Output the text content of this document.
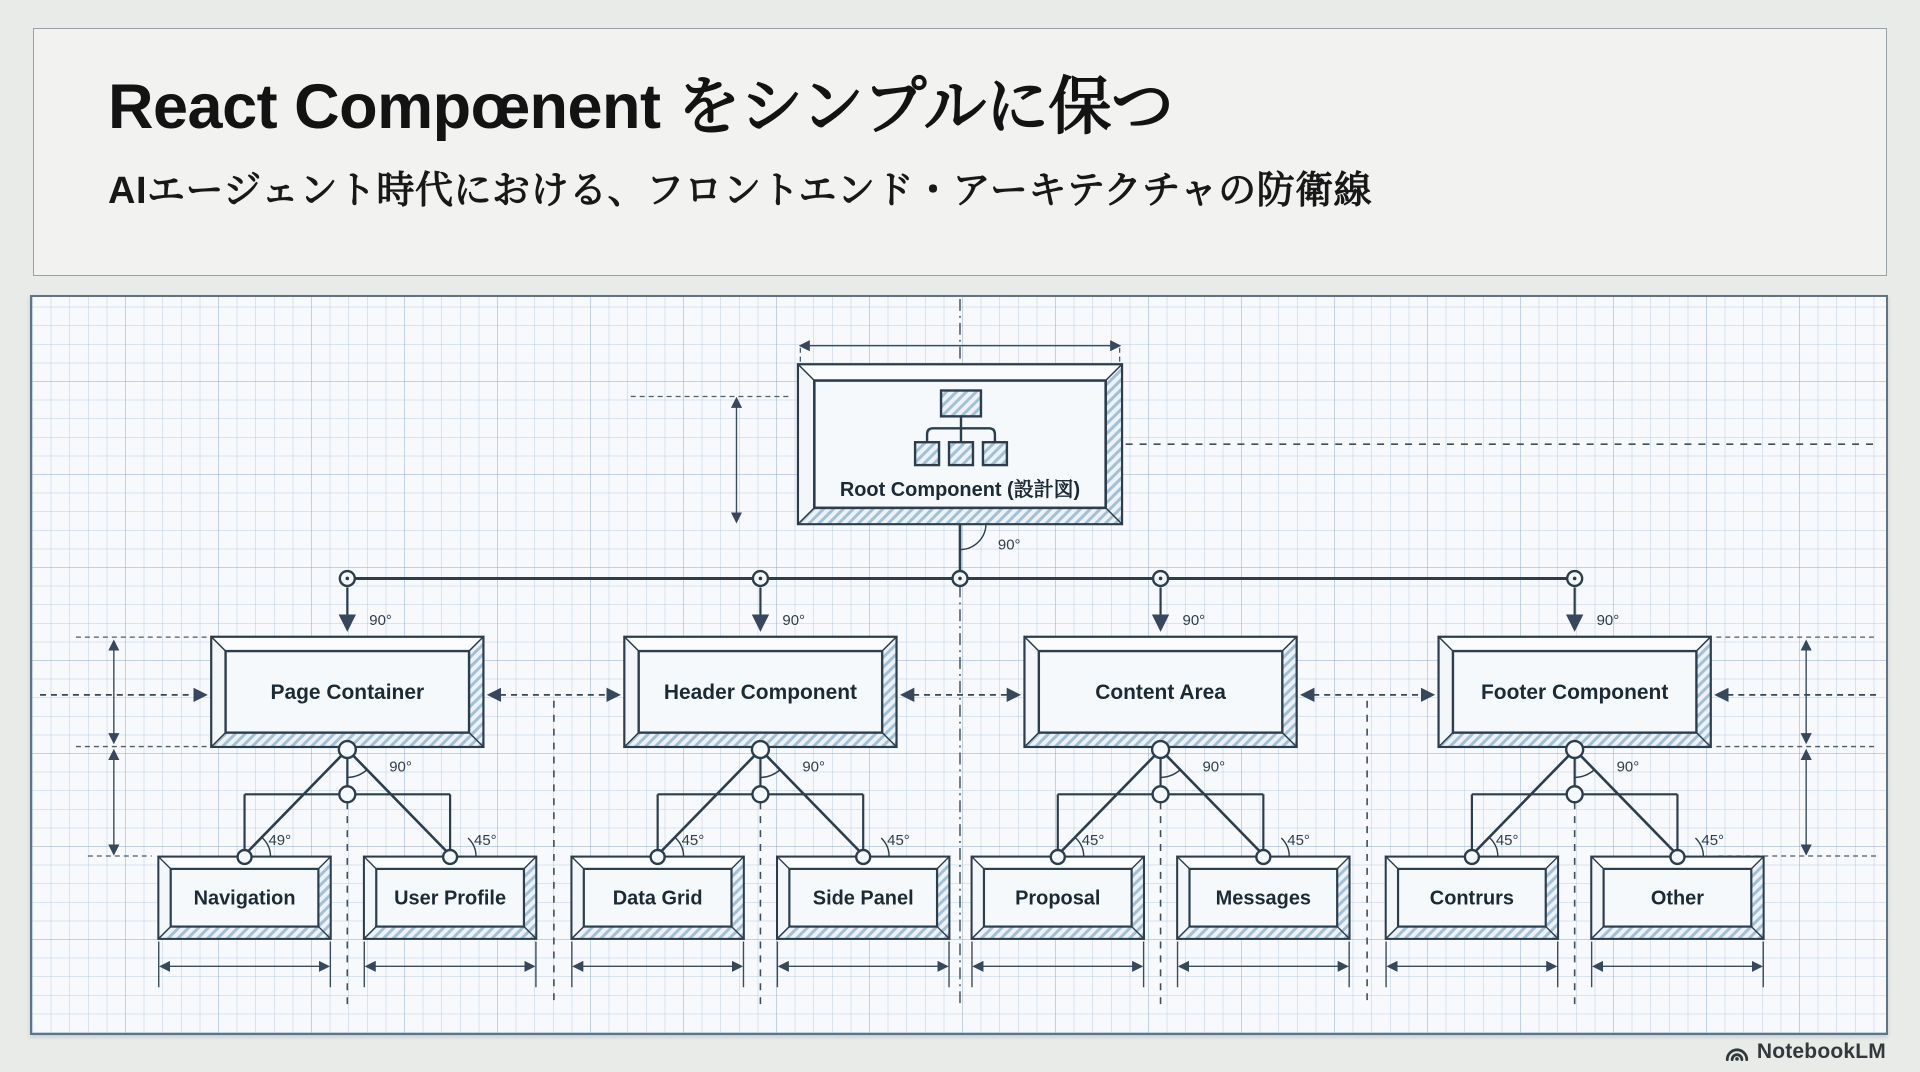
React Compœnent をシンプルに保つ
AIエージェント時代における、フロントエンド・アーキテクチャの防衛線
Root Component (設計図)
Page Container	Header Component	Content Area	Footer Component
Navigation	User Profile	Data Grid	Side Panel	Proposal	Messages	Contrurs	Other
90°
90°	90°	90°	90°
90°	90°	90°	90°
49°	45°	45°	45°	45°	45°	45°	45°
NotebookLM
